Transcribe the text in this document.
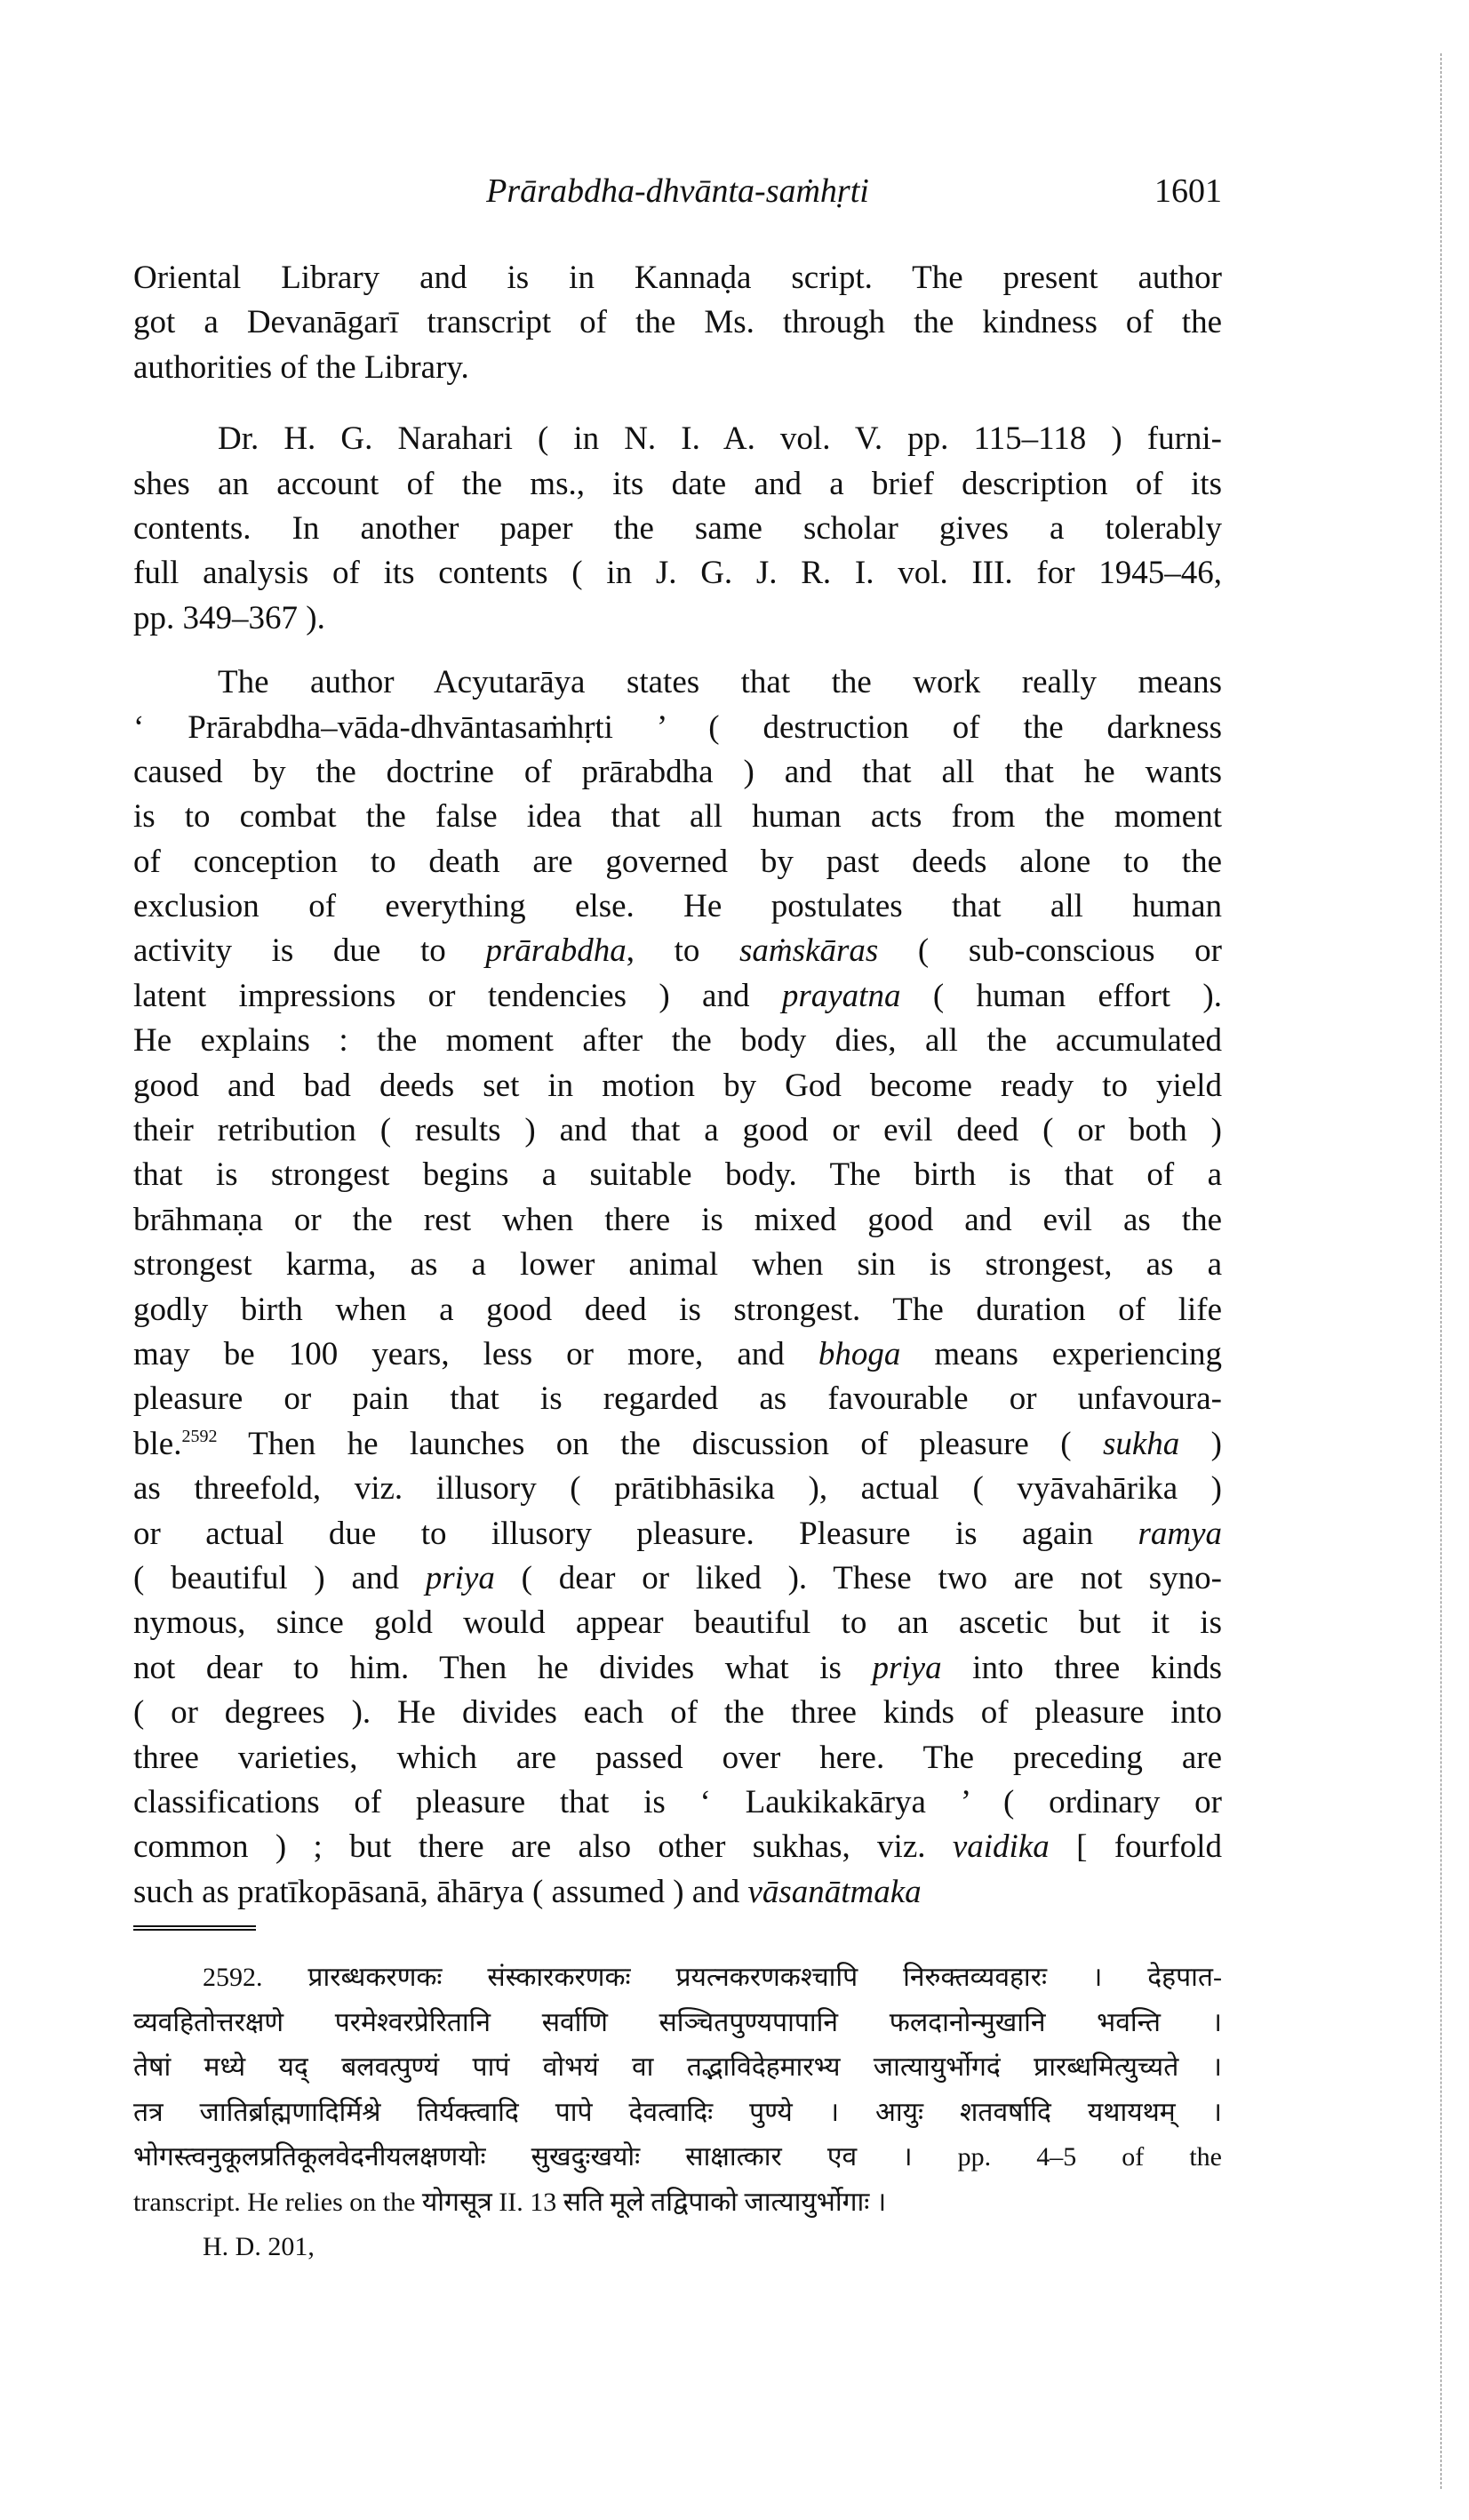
Prārabdha-dhvānta-saṁhṛti	1601
Oriental Library and is in Kannaḍa script. The present author
got a Devanāgarī transcript of the Ms. through the kindness of the
authorities of the Library.
Dr. H. G. Narahari ( in N. I. A. vol. V. pp. 115–118 ) furni-
shes an account of the ms., its date and a brief description of its
contents. In another paper the same scholar gives a tolerably
full analysis of its contents ( in J. G. J. R. I. vol. III. for 1945–46,
pp. 349–367 ).
The author Acyutarāya states that the work really means
‘ Prārabdha–vāda-dhvāntasaṁhṛti ’ ( destruction of the darkness
caused by the doctrine of prārabdha ) and that all that he wants
is to combat the false idea that all human acts from the moment
of conception to death are governed by past deeds alone to the
exclusion of everything else. He postulates that all human
activity is due to prārabdha, to saṁskāras ( sub-conscious or
latent impressions or tendencies ) and prayatna ( human effort ).
He explains : the moment after the body dies, all the accumulated
good and bad deeds set in motion by God become ready to yield
their retribution ( results ) and that a good or evil deed ( or both )
that is strongest begins a suitable body. The birth is that of a
brāhmaṇa or the rest when there is mixed good and evil as the
strongest karma, as a lower animal when sin is strongest, as a
godly birth when a good deed is strongest. The duration of life
may be 100 years, less or more, and bhoga means experiencing
pleasure or pain that is regarded as favourable or unfavoura-
ble.$^{2592}$ Then he launches on the discussion of pleasure ( sukha )
as threefold, viz. illusory ( prātibhāsika ), actual ( vyāvahārika )
or actual due to illusory pleasure. Pleasure is again ramya
( beautiful ) and priya ( dear or liked ). These two are not syno-
nymous, since gold would appear beautiful to an ascetic but it is
not dear to him. Then he divides what is priya into three kinds
( or degrees ). He divides each of the three kinds of pleasure into
three varieties, which are passed over here. The preceding are
classifications of pleasure that is ‘ Laukikakārya ’ ( ordinary or
common ) ; but there are also other sukhas, viz. vaidika [ fourfold
such as pratīkopāsanā, āhārya ( assumed ) and vāsanātmaka
2592. प्रारब्धकरणकः संस्कारकरणकः प्रयत्नकरणकश्चापि निरुक्तव्यवहारः । देहपात-
व्यवहितोत्तरक्षणे परमेश्वरप्रेरितानि सर्वाणि सञ्चितपुण्यपापानि फलदानोन्मुखानि भवन्ति ।
तेषां मध्ये यद् बलवत्पुण्यं पापं वोभयं वा तद्भाविदेहमारभ्य जात्यायुर्भोगदं प्रारब्धमित्युच्यते ।
तत्र जातिर्ब्राह्मणादिर्मिश्रे तिर्यक्त्वादि पापे देवत्वादिः पुण्ये । आयुः शतवर्षादि यथायथम् ।
भोगस्त्वनुकूलप्रतिकूलवेदनीयलक्षणयोः सुखदुःखयोः साक्षात्कार एव । pp. 4–5 of the
transcript. He relies on the योगसूत्र II. 13 सति मूले तद्विपाको जात्यायुर्भोगाः ।
H. D. 201,
